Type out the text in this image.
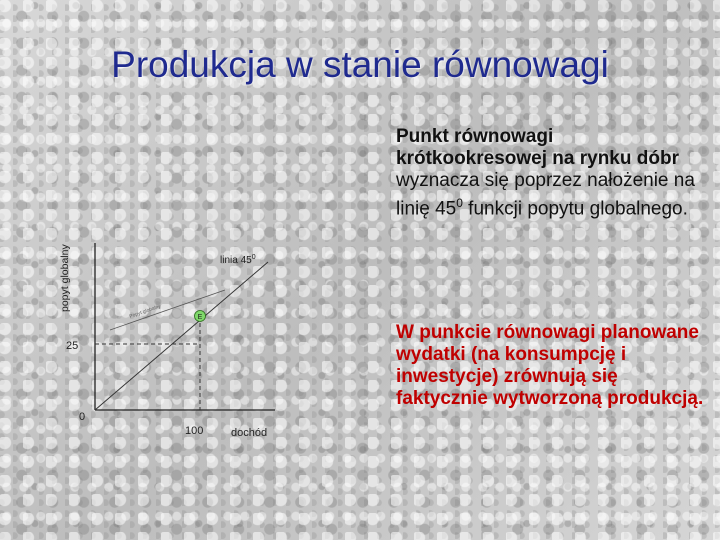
Produkcja w stanie równowagi
Popyt globalny	E
popyt globalny	linia $45^0$
25
0
100	dochód
Punkt równowagi krótkookresowej na rynku dóbr wyznacza się poprzez nałożenie na linię $45^0$ funkcji popytu globalnego.
W punkcie równowagi planowane wydatki (na konsumpcję i inwestycje) zrównują się faktycznie wytworzoną produkcją.
